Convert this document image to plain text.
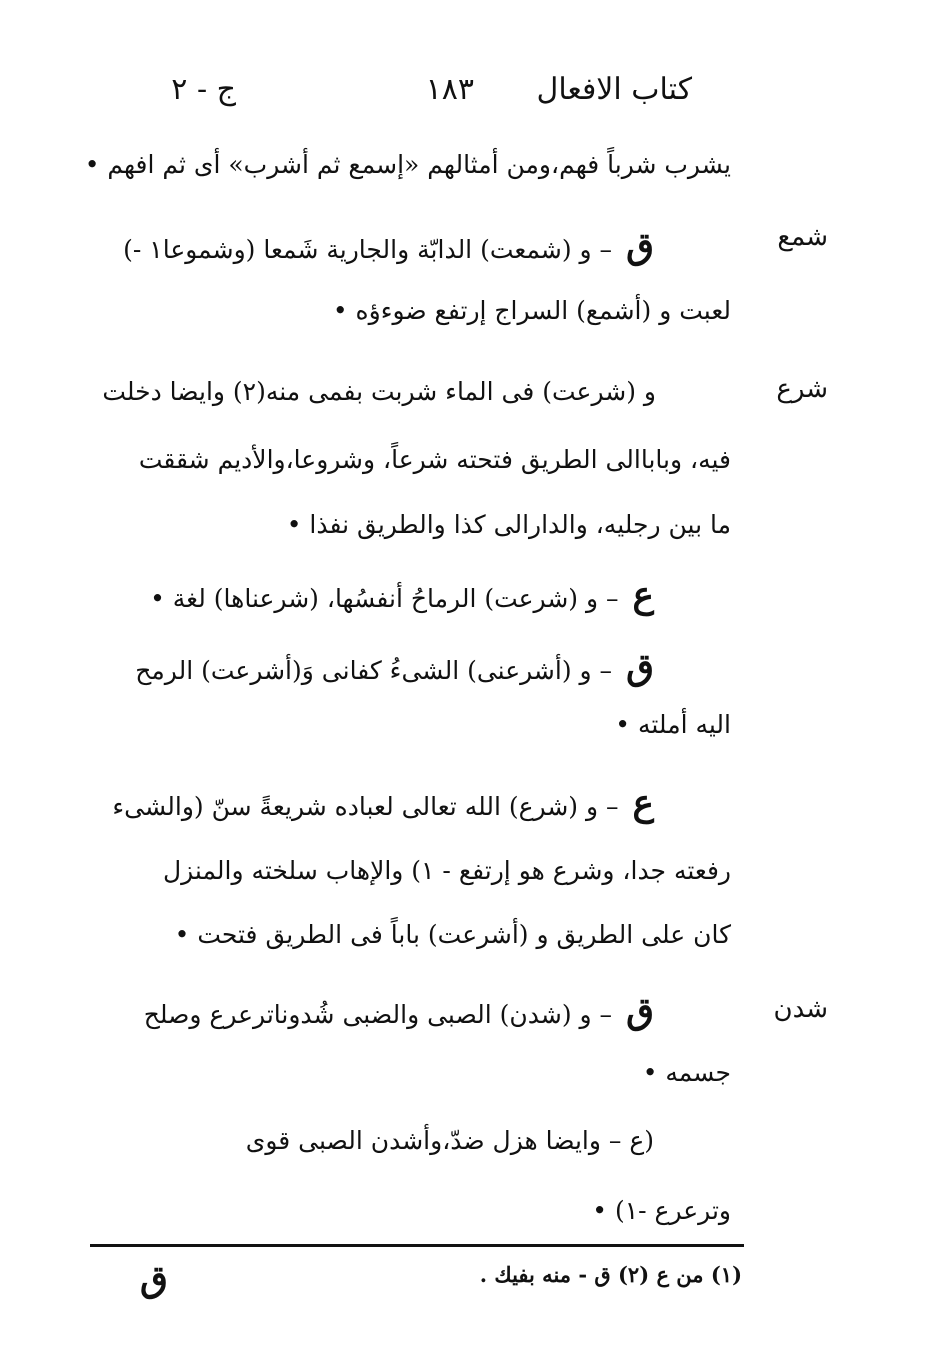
كتاب الافعال
١٨٣
ج - ٢
يشرب شرباً فهم،ومن أمثالهم «إسمع ثم أشرب» أى ثم افهم •
شمع
ق– و (شمعت) الدابّة والجارية شَمعا (وشموعا١ -)
لعبت و (أشمع) السراج إرتفع ضوءؤه •
شرع
و (شرعت) فى الماء شربت بفمى منه(٢) وايضا دخلت
فيه، وباباالى الطريق فتحته شرعاً، وشروعا،والأديم شققت
ما بين رجليه، والدارالى كذا والطريق نفذا •
ع– و (شرعت) الرماحُ أنفسُها، (شرعناها) لغة •
ق– و (أشرعنى) الشىءُ كفانى وَ(أشرعت) الرمح
اليه أملته •
ع– و (شرع) الله تعالى لعباده شريعةً سنّ (والشىء
رفعته جدا، وشرع هو إرتفع - ١) والإهاب سلخته والمنزل
كان على الطريق و (أشرعت) باباً فى الطريق فتحت •
شدن
ق– و (شدن) الصبى والضبى شُدوناترعرع وصلح
جسمه •
(ع – وايضا هزل ضدّ،وأشدن الصبى قوى
وترعرع -١) •
(١) من ع (٢) ق - منه بفيك .
ق
